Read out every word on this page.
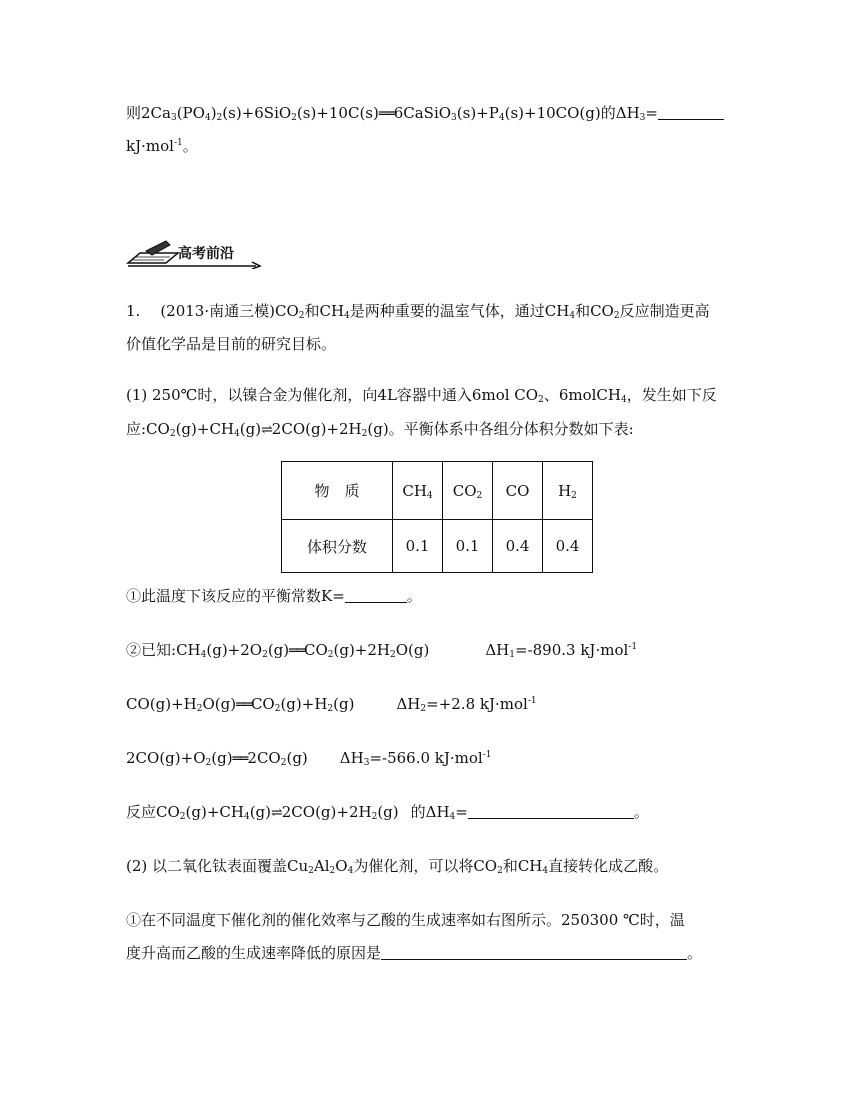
则$2Ca_3(PO_4)_2(s)+6SiO_2(s)+10C(s)══6CaSiO_3(s)+P_4(s)+10CO(g)$的$\Delta H_3=$
kJ·mol$^{-1}$。
高考前沿
1. (2013·南通三模)$CO_2$和$CH_4$是两种重要的温室气体，通过$CH_4$和$CO_2$反应制造更高
价值化学品是目前的研究目标。
(1) 250℃时，以镍合金为催化剂，向4L容器中通入6mol $CO_2$、6molCH$_4$，发生如下反
应$:CO_2(g)+CH_4(g)\rightleftharpoons 2CO(g)+2H_2(g)$。平衡体系中各组分体积分数如下表:
物　质	$CH_4$	$CO_2$	CO	$H_2$
体积分数	0.1	0.1	0.4	0.4
①此温度下该反应的平衡常数K=	。
②已知$:CH_4(g)+2O_2(g)══CO_2(g)+2H_2O(g)$	$\Delta H_1=-890.3$ kJ·mol$^{-1}$
$CO(g)+H_2O(g)══CO_2(g)+H_2(g)$	$\Delta H_2=+2.8$ kJ·mol$^{-1}$
$2CO(g)+O_2(g)══2CO_2(g)$ $\Delta H_3=-566.0$ kJ·mol$^{-1}$
反应$CO_2(g)+CH_4(g)\rightleftharpoons 2CO(g)+2H_2(g)$ 的$\Delta H_4=$	。
(2) 以二氧化钛表面覆盖$Cu_2Al_2O_4$为催化剂，可以将$CO_2$和$CH_4$直接转化成乙酸。
①在不同温度下催化剂的催化效率与乙酸的生成速率如右图所示。250300 ℃时，温
度升高而乙酸的生成速率降低的原因是	。
